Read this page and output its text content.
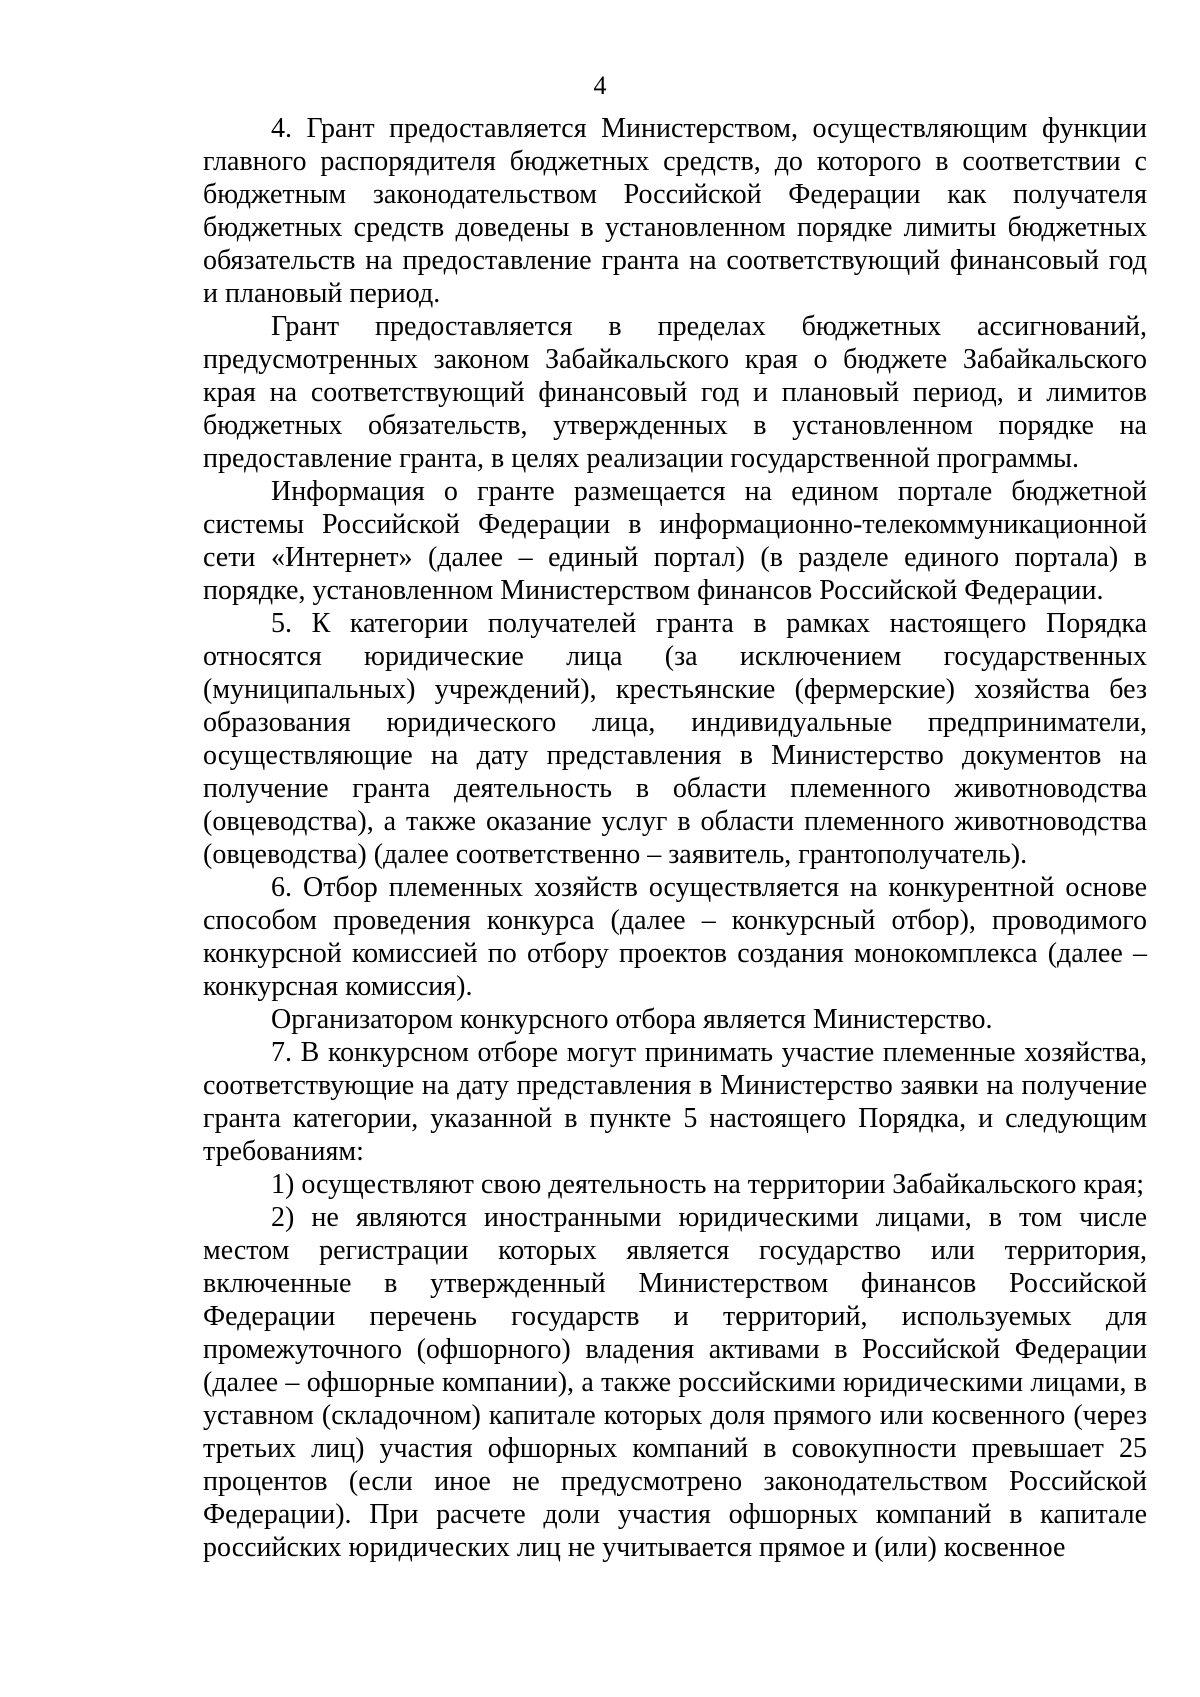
4

4. Грант предоставляется Министерством, осуществляющим функции главного распорядителя бюджетных средств, до которого в соответствии с бюджетным законодательством Российской Федерации как получателя бюджетных средств доведены в установленном порядке лимиты бюджетных обязательств на предоставление гранта на соответствующий финансовый год и плановый период.

Грант предоставляется в пределах бюджетных ассигнований, предусмотренных законом Забайкальского края о бюджете Забайкальского края на соответствующий финансовый год и плановый период, и лимитов бюджетных обязательств, утвержденных в установленном порядке на предоставление гранта, в целях реализации государственной программы.

Информация о гранте размещается на едином портале бюджетной системы Российской Федерации в информационно-телекоммуникационной сети «Интернет» (далее – единый портал) (в разделе единого портала) в порядке, установленном Министерством финансов Российской Федерации.

5. К категории получателей гранта в рамках настоящего Порядка относятся юридические лица (за исключением государственных (муниципальных) учреждений), крестьянские (фермерские) хозяйства без образования юридического лица, индивидуальные предприниматели, осуществляющие на дату представления в Министерство документов на получение гранта деятельность в области племенного животноводства (овцеводства), а также оказание услуг в области племенного животноводства (овцеводства) (далее соответственно – заявитель, грантополучатель).

6. Отбор племенных хозяйств осуществляется на конкурентной основе способом проведения конкурса (далее – конкурсный отбор), проводимого конкурсной комиссией по отбору проектов создания монокомплекса (далее – конкурсная комиссия).

Организатором конкурсного отбора является Министерство.

7. В конкурсном отборе могут принимать участие племенные хозяйства, соответствующие на дату представления в Министерство заявки на получение гранта категории, указанной в пункте 5 настоящего Порядка, и следующим требованиям:

1) осуществляют свою деятельность на территории Забайкальского края;

2) не являются иностранными юридическими лицами, в том числе местом регистрации которых является государство или территория, включенные в утвержденный Министерством финансов Российской Федерации перечень государств и территорий, используемых для промежуточного (офшорного) владения активами в Российской Федерации (далее – офшорные компании), а также российскими юридическими лицами, в уставном (складочном) капитале которых доля прямого или косвенного (через третьих лиц) участия офшорных компаний в совокупности превышает 25 процентов (если иное не предусмотрено законодательством Российской Федерации). При расчете доли участия офшорных компаний в капитале российских юридических лиц не учитывается прямое и (или) косвенное
